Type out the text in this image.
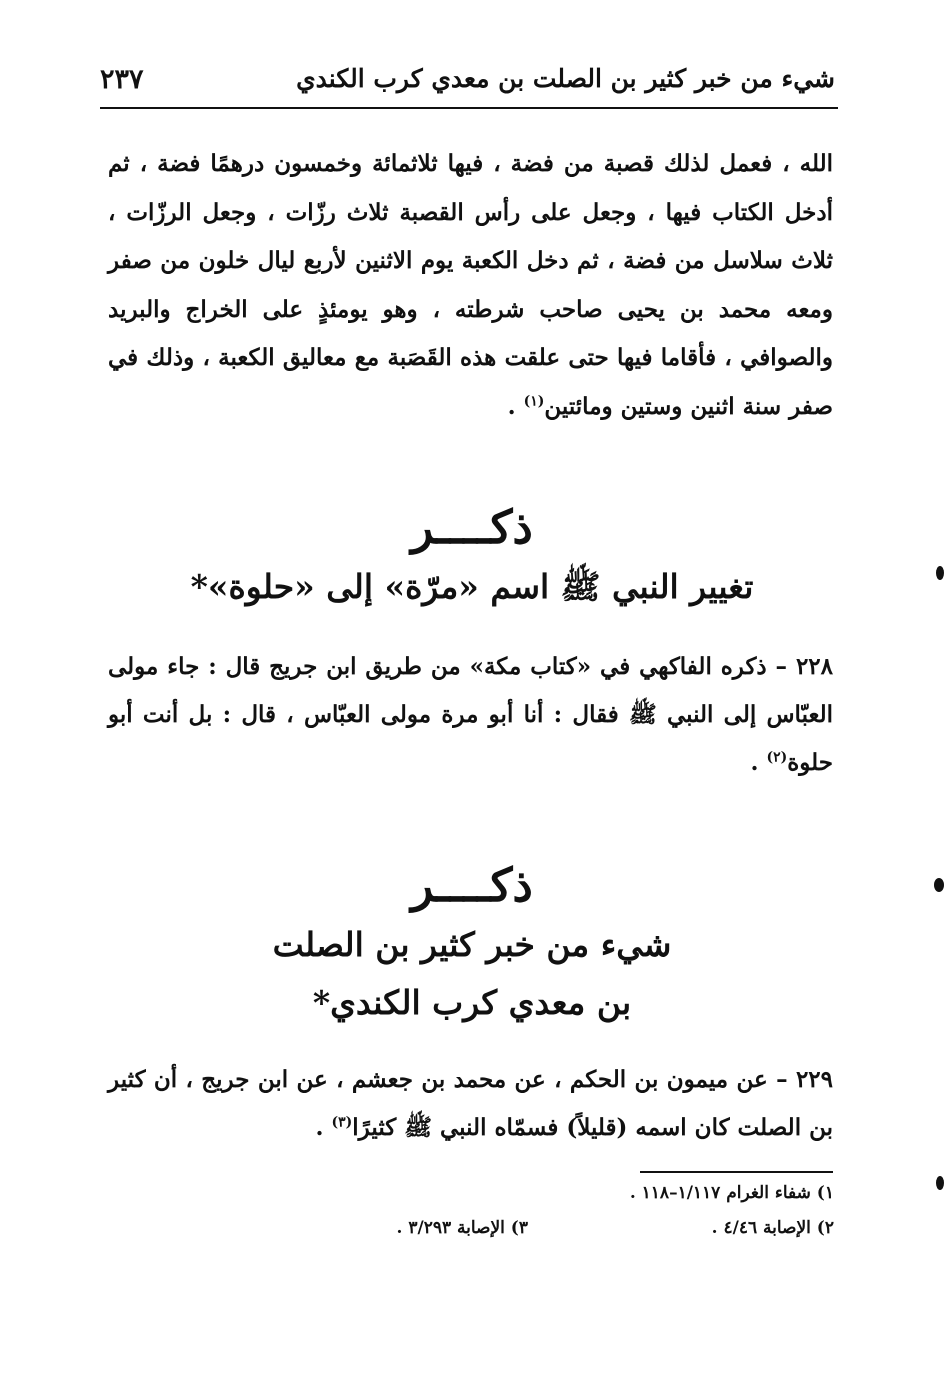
شيء من خبر كثير بن الصلت بن معدي كرب الكندي
٢٣٧
الله ، فعمل لذلك قصبة من فضة ، فيها ثلاثمائة وخمسون درهمًا فضة ، ثم أدخل الكتاب فيها ، وجعل على رأس القصبة ثلاث رزّات ، وجعل الرزّات ، ثلاث سلاسل من فضة ، ثم دخل الكعبة يوم الاثنين لأربع ليال خلون من صفر ومعه محمد بن يحيى صاحب شرطته ، وهو يومئذٍ على الخراج والبريد والصوافي ، فأقاما فيها حتى علقت هذه القَصَبة مع معاليق الكعبة ، وذلك في صفر سنة اثنين وستين ومائتين$^{(١)}$ .
ذكــــر
تغيير النبي ﷺ اسم «مرّة» إلى «حلوة»*
٢٢٨ – ذكره الفاكهي في «كتاب مكة» من طريق ابن جريج قال : جاء مولى العبّاس إلى النبي ﷺ فقال : أنا أبو مرة مولى العبّاس ، قال : بل أنت أبو حلوة$^{(٢)}$ .
ذكــــر
شيء من خبر كثير بن الصلت
بن معدي كرب الكندي*
٢٢٩ – عن ميمون بن الحكم ، عن محمد بن جعشم ، عن ابن جريج ، أن كثير بن الصلت كان اسمه (قليلاً) فسمّاه النبي ﷺ كثيرًا$^{(٣)}$ .
١) شفاء الغرام ١/١١٧–١١٨ .
٢) الإصابة ٤/٤٦ .
٣) الإصابة ٣/٢٩٣ .
